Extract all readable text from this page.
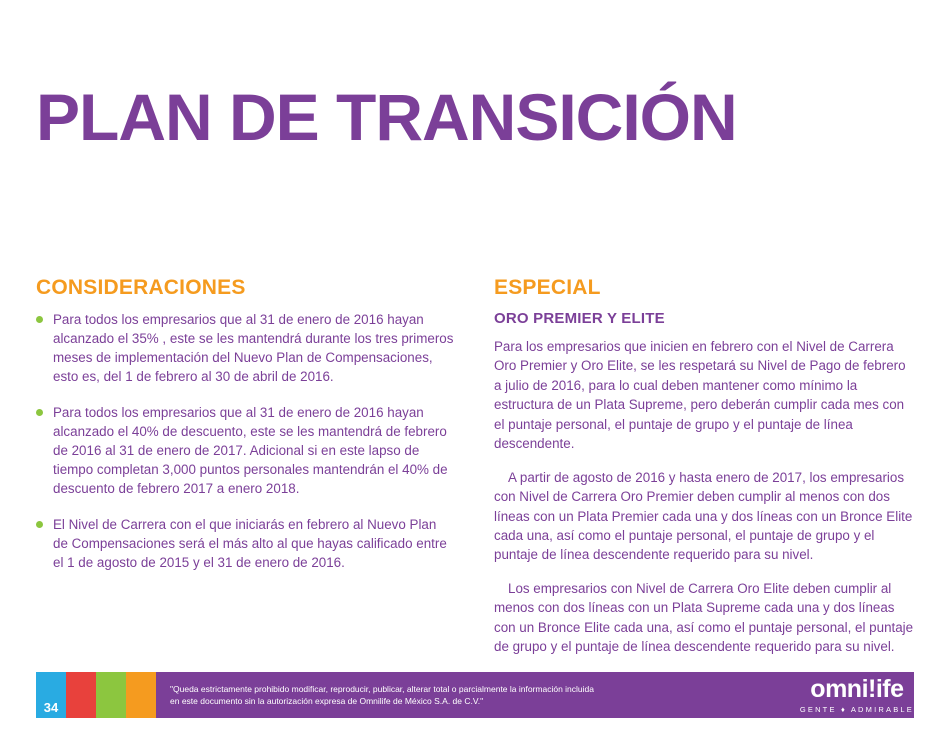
PLAN DE TRANSICIÓN
CONSIDERACIONES
Para todos los empresarios que al 31 de enero de 2016 hayan alcanzado el 35% , este se les mantendrá durante los tres primeros meses de implementación del Nuevo Plan de Compensaciones, esto es, del 1 de febrero al 30 de abril de 2016.
Para todos los empresarios que al 31 de enero de 2016 hayan alcanzado el 40% de descuento, este se les mantendrá de febrero de 2016 al 31 de enero de 2017. Adicional si en este lapso de tiempo completan 3,000 puntos personales mantendrán el 40% de descuento de febrero 2017 a enero 2018.
El Nivel de Carrera con el que iniciarás en febrero al Nuevo Plan de Compensaciones será el más alto al que hayas calificado entre el 1 de agosto de 2015 y el 31 de enero de 2016.
ESPECIAL
ORO PREMIER Y ELITE

Para los empresarios que inicien en febrero con el Nivel de Carrera Oro Premier y Oro Elite, se les respetará su Nivel de Pago de febrero a julio de 2016, para lo cual deben mantener como mínimo la estructura de un Plata Supreme, pero deberán cumplir cada mes con el puntaje personal, el puntaje de grupo y el puntaje de línea descendente.

A partir de agosto de 2016 y hasta enero de 2017, los empresarios con Nivel de Carrera Oro Premier deben cumplir al menos con dos líneas con un Plata Premier cada una y dos líneas con un Bronce Elite cada una, así como el puntaje personal, el puntaje de grupo y el puntaje de línea descendente requerido para su nivel.

Los empresarios con Nivel de Carrera Oro Elite deben cumplir al menos con dos líneas con un Plata Supreme cada una y dos líneas con un Bronce Elite cada una, así como el puntaje personal, el puntaje de grupo y el puntaje de línea descendente requerido para su nivel.

"Queda estrictamente prohibido modificar, reproducir, publicar, alterar total o parcialmente la información incluida
en este documento sin la autorización expresa de Omnilife de México S.A. de C.V."
34
omni!ife
GENTE ♦ ADMIRABLE
